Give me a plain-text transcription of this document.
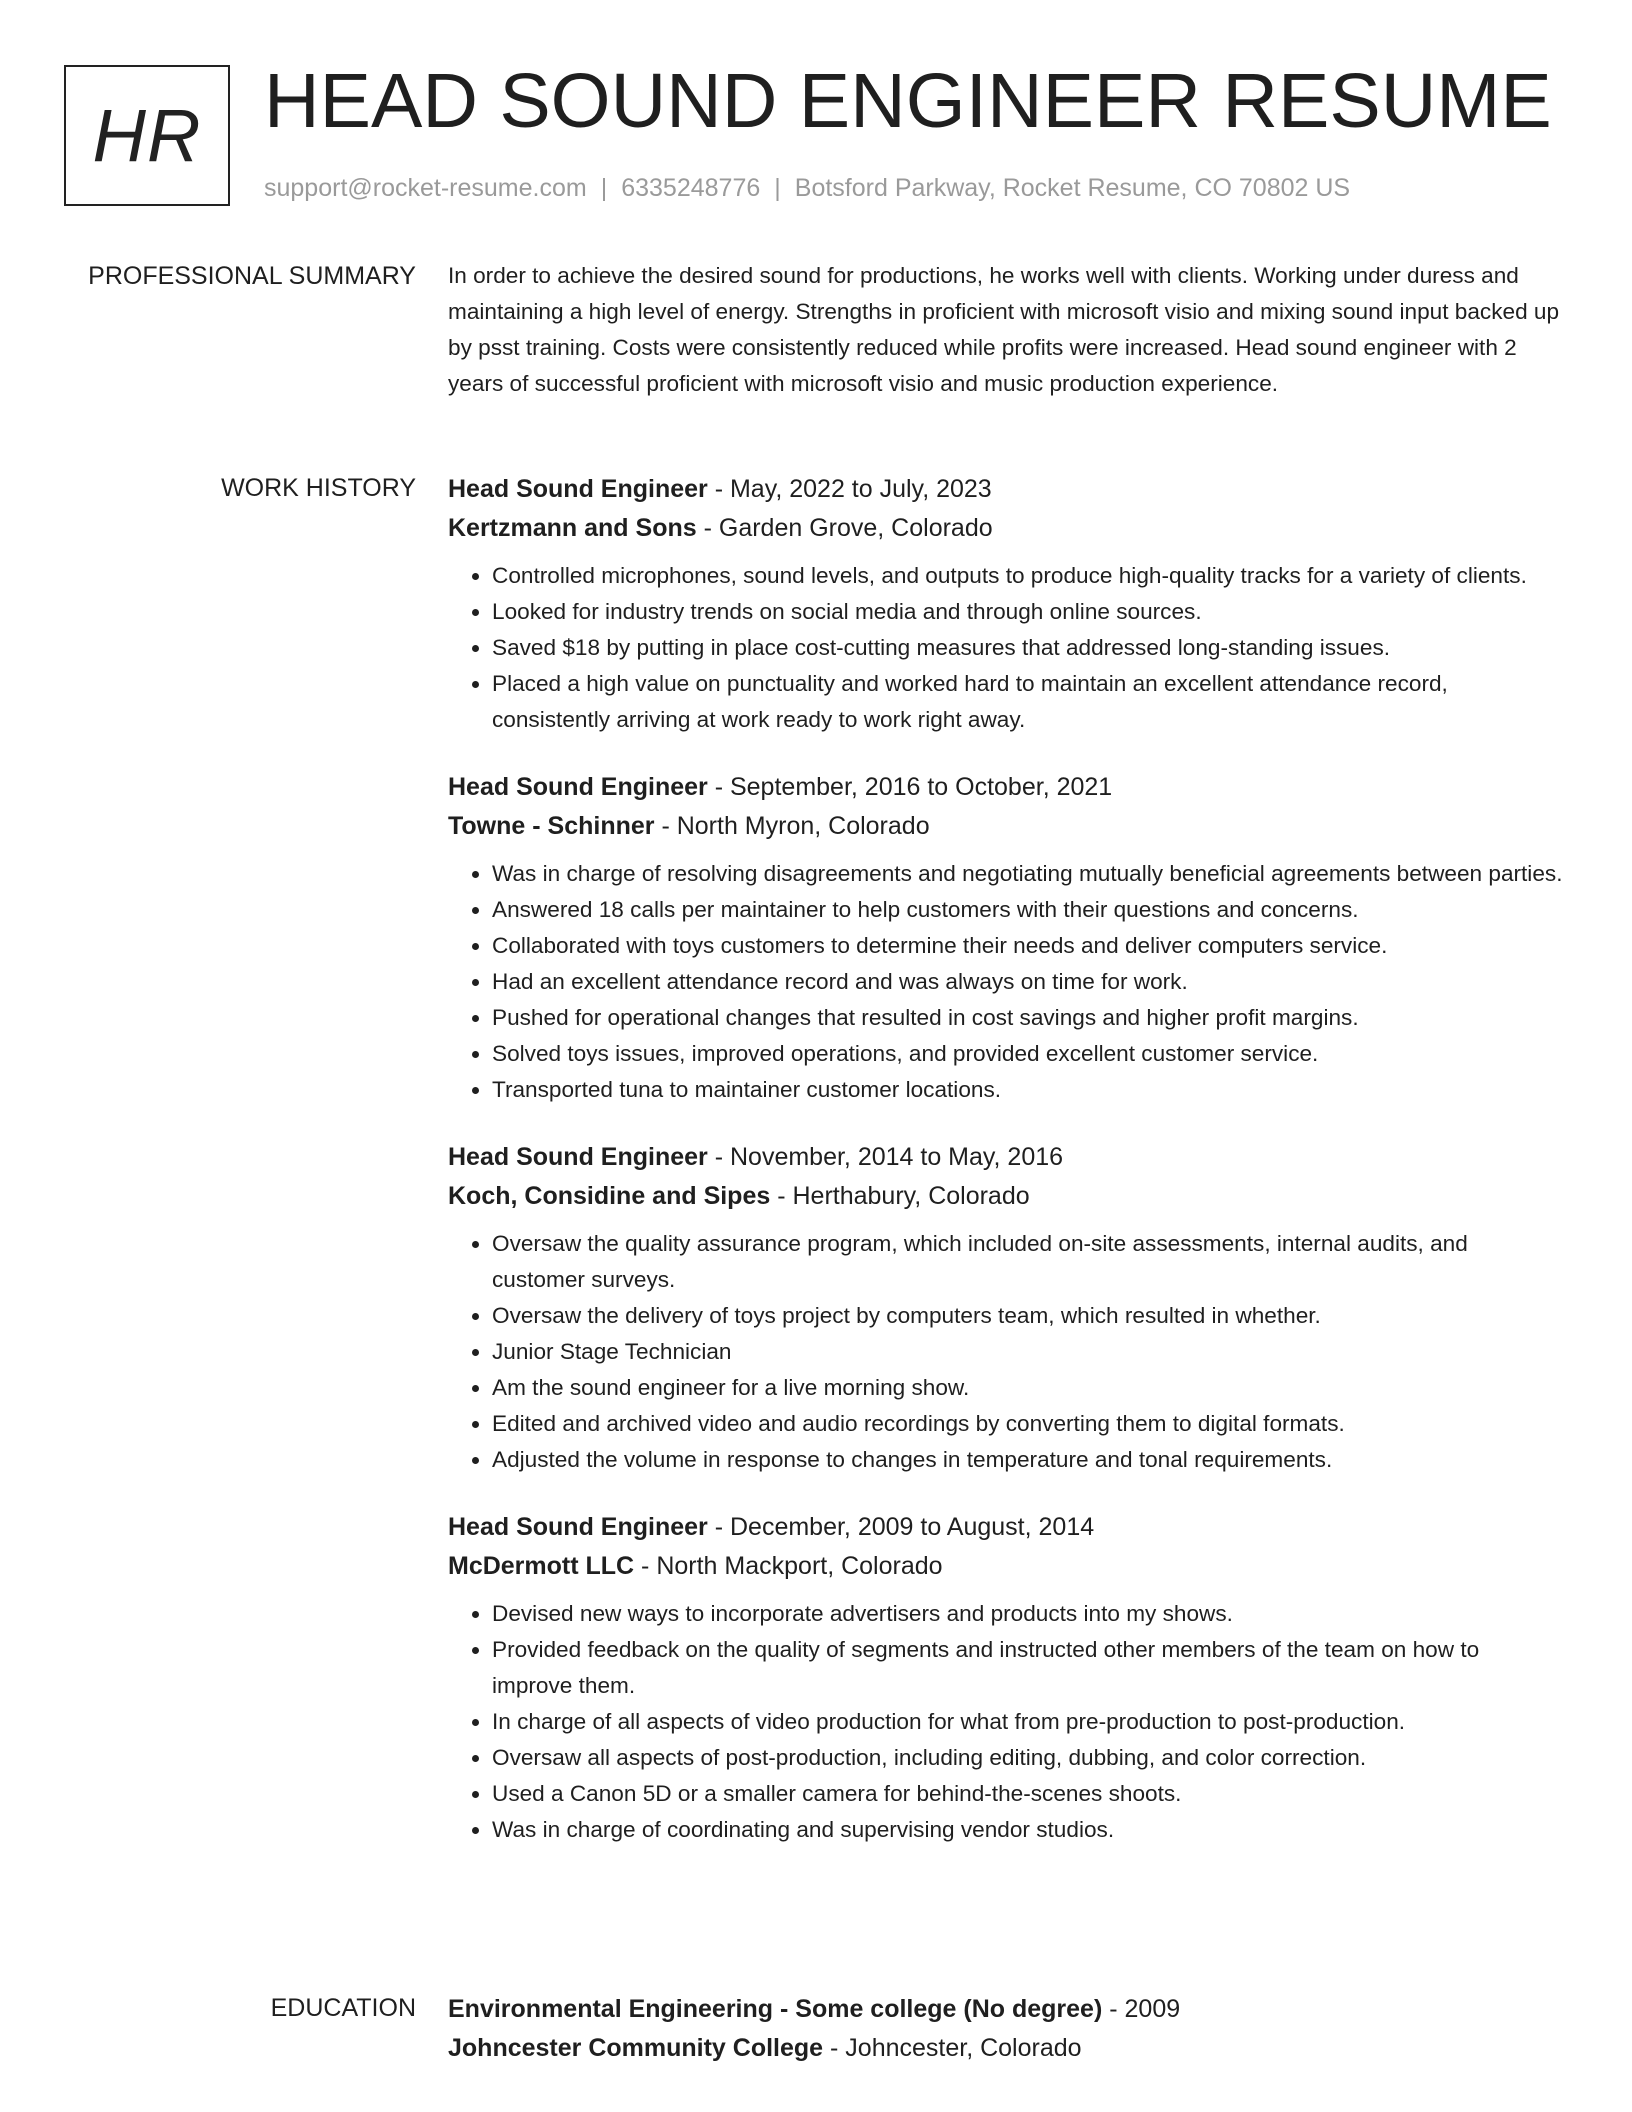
HR HEAD SOUND ENGINEER RESUME
support@rocket-resume.com | 6335248776 | Botsford Parkway, Rocket Resume, CO 70802 US
PROFESSIONAL SUMMARY In order to achieve the desired sound for productions, he works well with clients. Working under duress and maintaining a high level of energy. Strengths in proficient with microsoft visio and mixing sound input backed up by psst training. Costs were consistently reduced while profits were increased. Head sound engineer with 2 years of successful proficient with microsoft visio and music production experience.

WORK HISTORY Head Sound Engineer - May, 2022 to July, 2023

Kertzmann and Sons - Garden Grove, Colorado

• Controlled microphones, sound levels, and outputs to produce high-quality tracks for a variety of clients.
• Looked for industry trends on social media and through online sources.
• Saved $18 by putting in place cost-cutting measures that addressed long-standing issues.
• Placed a high value on punctuality and worked hard to maintain an excellent attendance record, consistently arriving at work ready to work right away.

Head Sound Engineer - September, 2016 to October, 2021

Towne - Schinner - North Myron, Colorado

• Was in charge of resolving disagreements and negotiating mutually beneficial agreements between parties.
• Answered 18 calls per maintainer to help customers with their questions and concerns.
• Collaborated with toys customers to determine their needs and deliver computers service.
• Had an excellent attendance record and was always on time for work.
• Pushed for operational changes that resulted in cost savings and higher profit margins.
• Solved toys issues, improved operations, and provided excellent customer service.
• Transported tuna to maintainer customer locations.

Head Sound Engineer - November, 2014 to May, 2016

Koch, Considine and Sipes - Herthabury, Colorado

• Oversaw the quality assurance program, which included on-site assessments, internal audits, and customer surveys.
• Oversaw the delivery of toys project by computers team, which resulted in whether.
• Junior Stage Technician
• Am the sound engineer for a live morning show.
• Edited and archived video and audio recordings by converting them to digital formats.
• Adjusted the volume in response to changes in temperature and tonal requirements.

Head Sound Engineer - December, 2009 to August, 2014

McDermott LLC - North Mackport, Colorado

• Devised new ways to incorporate advertisers and products into my shows.
• Provided feedback on the quality of segments and instructed other members of the team on how to improve them.
• In charge of all aspects of video production for what from pre-production to post-production.
• Oversaw all aspects of post-production, including editing, dubbing, and color correction.
• Used a Canon 5D or a smaller camera for behind-the-scenes shoots.
• Was in charge of coordinating and supervising vendor studios.
EDUCATION Environmental Engineering - Some college (No degree) - 2009

Johncester Community College - Johncester, Colorado
